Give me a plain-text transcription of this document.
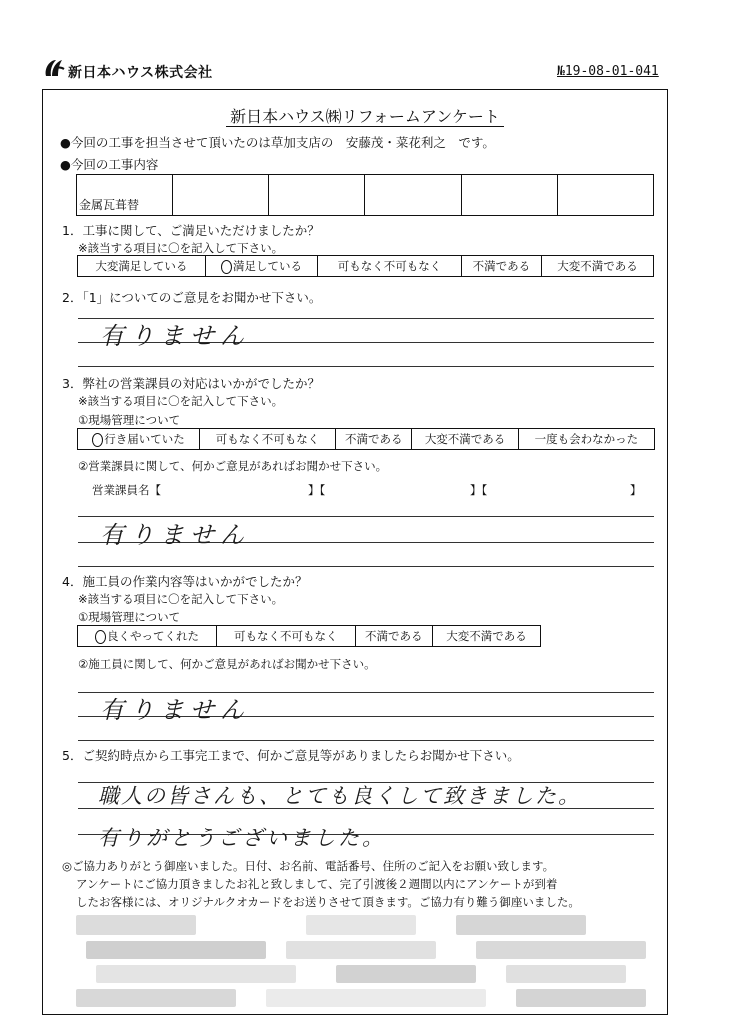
新日本ハウス株式会社	№19-08-01-041
新日本ハウス㈱リフォームアンケート
●今回の工事を担当させて頂いたのは草加支店の　安藤茂・菜花利之　です。
●今回の工事内容
金属瓦葺替					
1．工事に関して、ご満足いただけましたか？
※該当する項目に〇を記入して下さい。
大変満足している	満足している	可もなく不可もなく	不満である	大変不満である
2．「1」についてのご意見をお聞かせ下さい。
有りません
3．弊社の営業課員の対応はいかがでしたか？
※該当する項目に〇を記入して下さい。
①現場管理について
行き届いていた	可もなく不可もなく	不満である	大変不満である	一度も会わなかった
②営業課員に関して、何かご意見があればお聞かせ下さい。
営業課員名【	】【	】【	】
有りません
4．施工員の作業内容等はいかがでしたか？
※該当する項目に〇を記入して下さい。
①現場管理について
良くやってくれた	可もなく不可もなく	不満である	大変不満である
②施工員に関して、何かご意見があればお聞かせ下さい。
有りません
5．ご契約時点から工事完工まで、何かご意見等がありましたらお聞かせ下さい。
職人の皆さんも、とても良くして致きました。
有りがとうございました。
◎ご協力ありがとう御座いました。日付、お名前、電話番号、住所のご記入をお願い致します。
アンケートにご協力頂きましたお礼と致しまして、完了引渡後２週間以内にアンケートが到着
したお客様には、オリジナルクオカードをお送りさせて頂きます。ご協力有り難う御座いました。
